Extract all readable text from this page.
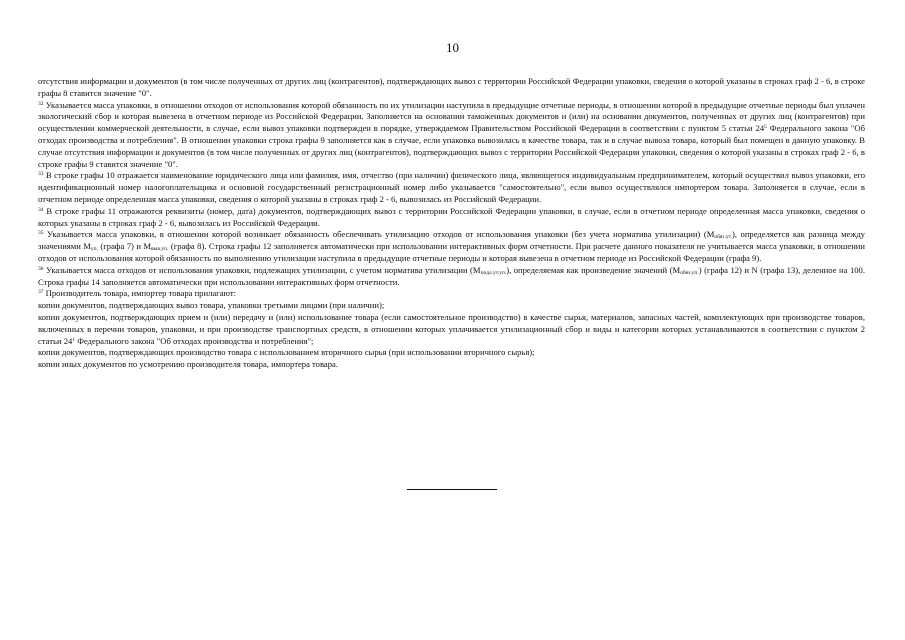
10

отсутствия информации и документов (в том числе полученных от других лиц (контрагентов), подтверждающих вывоз с территории Российской Федерации упаковки, сведения о которой указаны в строках граф 2 - 6, в строке графы 8 ставится значение "0".

$^{32}$ Указывается масса упаковки, в отношении отходов от использования которой обязанность по их утилизации наступила в предыдущие отчетные периоды, в отношении которой в предыдущие отчетные периоды был уплачен экологический сбор и которая вывезена в отчетном периоде из Российской Федерации. Заполняется на основании таможенных документов и (или) на основании документов, полученных от других лиц (контрагентов) при осуществлении коммерческой деятельности, в случае, если вывоз упаковки подтвержден в порядке, утверждаемом Правительством Российской Федерации в соответствии с пунктом 5 статьи $24^5$ Федерального закона "Об отходах производства и потребления". В отношении упаковки строка графы 9 заполняется как в случае, если упаковка вывозилась в качестве товара, так и в случае вывоза товара, который был помещен в данную упаковку. В случае отсутствия информации и документов (в том числе полученных от других лиц (контрагентов), подтверждающих вывоз с территории Российской Федерации упаковки, сведения о которой указаны в строках граф 2 - 6, в строке графы 9 ставится значение "0".

$^{33}$ В строке графы 10 отражается наименование юридического лица или фамилия, имя, отчество (при наличии) физического лица, являющегося индивидуальным предпринимателем, который осуществил вывоз упаковки, его идентификационный номер налогоплательщика и основной государственный регистрационный номер либо указывается "самостоятельно", если вывоз осуществлялся импортером товара. Заполняется в случае, если в отчетном периоде определенная масса упаковки, сведения о которой указаны в строках граф 2 - 6, вывозилась из Российской Федерации.

$^{34}$ В строке графы 11 отражаются реквизиты (номер, дата) документов, подтверждающих вывоз с территории Российской Федерации упаковки, в случае, если в отчетном периоде определенная масса упаковки, сведения о которых указаны в строках граф 2 - 6, вывозилась из Российской Федерации.

$^{35}$ Указывается масса упаковки, в отношении которой возникает обязанность обеспечивать утилизацию отходов от использования упаковки (без учета норматива утилизации) $(М_{обяз.ут.})$, определяется как разница между значениями $М_{уп.}$ (графа 7) и $М_{выв.уп.}$ (графа 8). Строка графы 12 заполняется автоматически при использовании интерактивных форм отчетности. При расчете данного показателя не учитывается масса упаковки, в отношении отходов от использования которой обязанность по выполнению утилизации наступила в предыдущие отчетные периоды и которая вывезена в отчетном периоде из Российской Федерации (графа 9).

$^{36}$ Указывается масса отходов от использования упаковки, подлежащих утилизации, с учетом норматива утилизации $(М_{подл.ут.уп.})$, определяемая как произведение значений $(М_{обяз.уп.})$ (графа 12) и N (графа 13), деленное на 100. Строка графы 14 заполняется автоматически при использовании интерактивных форм отчетности.

$^{37}$ Производитель товара, импортер товара прилагают:

копии документов, подтверждающих вывоз товара, упаковки третьими лицами (при наличии);

копии документов, подтверждающих прием и (или) передачу и (или) использование товара (если самостоятельное производство) в качестве сырья, материалов, запасных частей, комплектующих при производстве товаров, включенных в перечни товаров, упаковки, и при производстве транспортных средств, в отношении которых уплачивается утилизационный сбор и виды и категории которых устанавливаются в соответствии с пунктом 2 статьи $24^1$ Федерального закона "Об отходах производства и потребления";

копии документов, подтверждающих производство товара с использованием вторичного сырья (при использовании вторичного сырья);

копии иных документов по усмотрению производителя товара, импортера товара.
